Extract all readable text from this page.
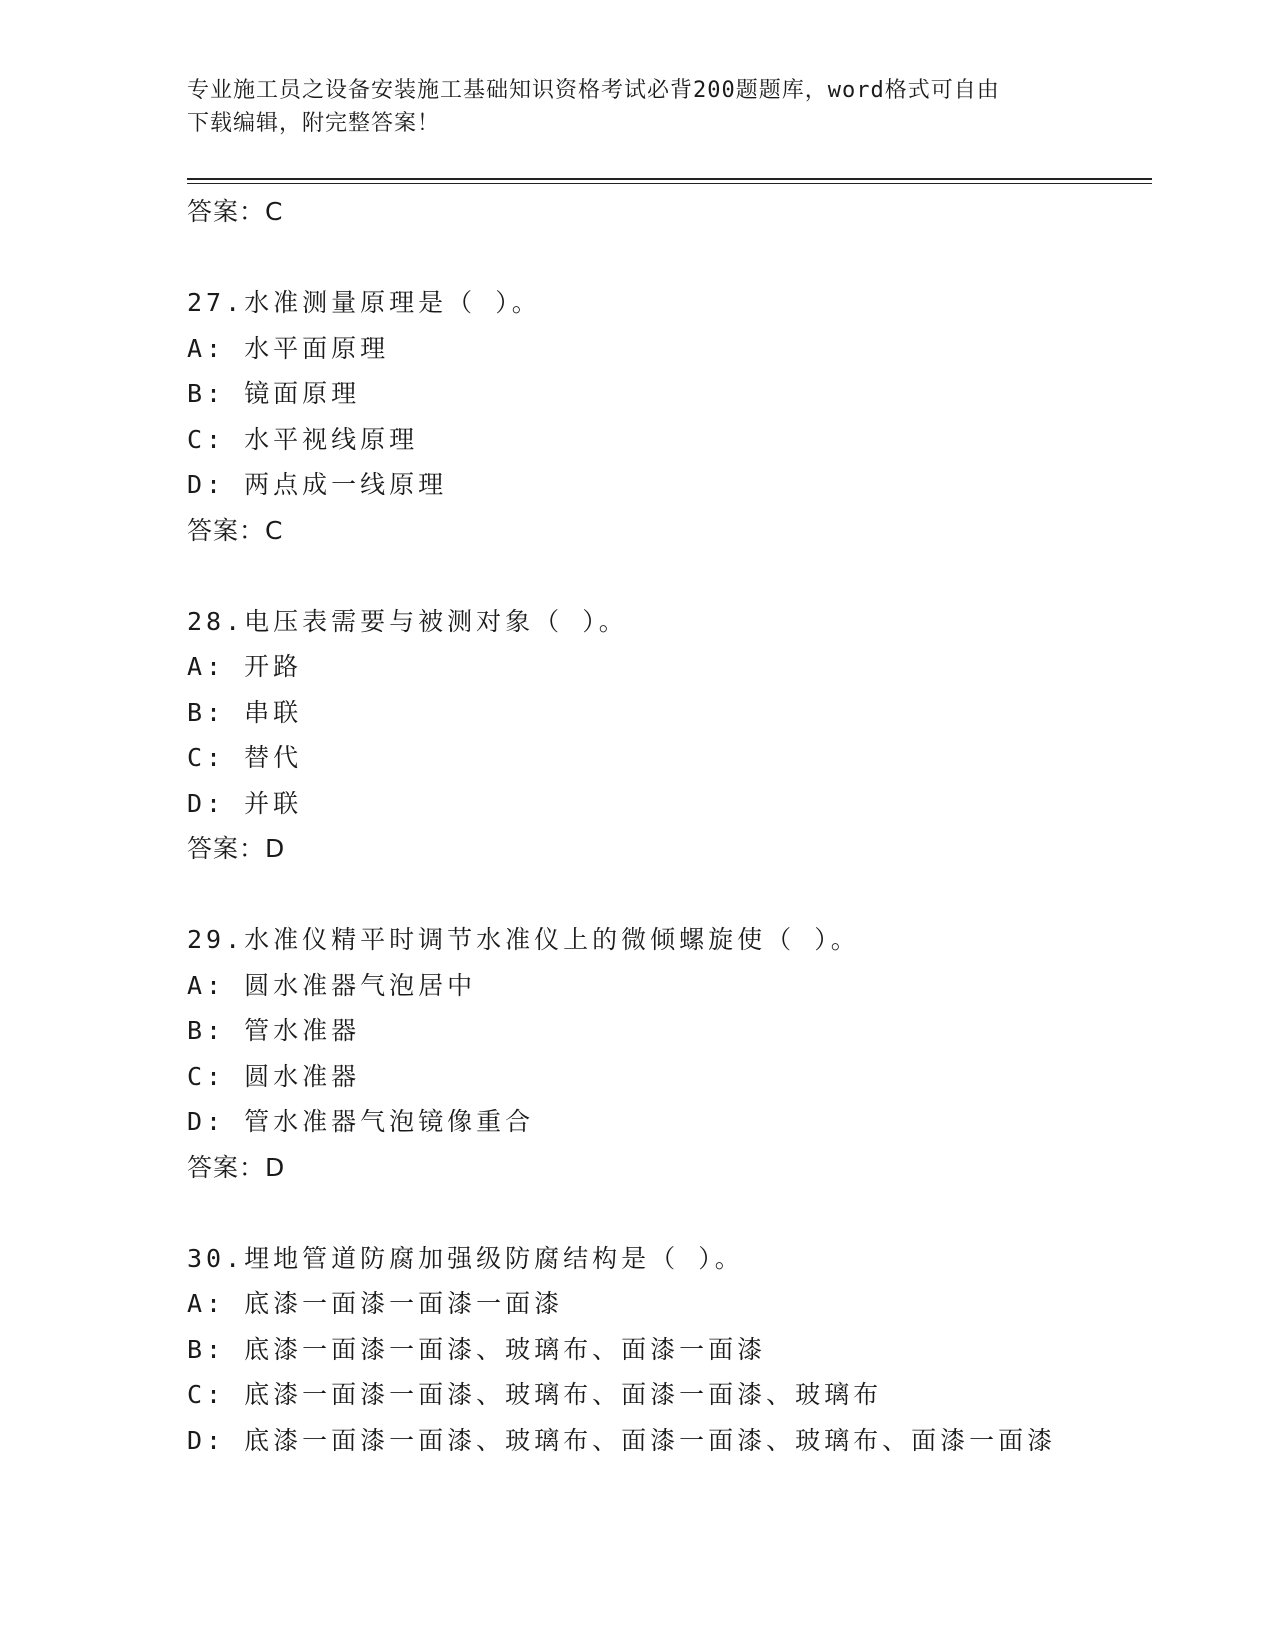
专业施工员之设备安装施工基础知识资格考试必背200题题库，word格式可自由
下载编辑，附完整答案！
答案：C
27.水准测量原理是（ ）。
A: 水平面原理
B: 镜面原理
C: 水平视线原理
D: 两点成一线原理
答案：C
28.电压表需要与被测对象（ ）。
A: 开路
B: 串联
C: 替代
D: 并联
答案：D
29.水准仪精平时调节水准仪上的微倾螺旋使（ ）。
A: 圆水准器气泡居中
B: 管水准器
C: 圆水准器
D: 管水准器气泡镜像重合
答案：D
30.埋地管道防腐加强级防腐结构是（ ）。
A: 底漆一面漆一面漆一面漆
B: 底漆一面漆一面漆、玻璃布、面漆一面漆
C: 底漆一面漆一面漆、玻璃布、面漆一面漆、玻璃布
D: 底漆一面漆一面漆、玻璃布、面漆一面漆、玻璃布、面漆一面漆
